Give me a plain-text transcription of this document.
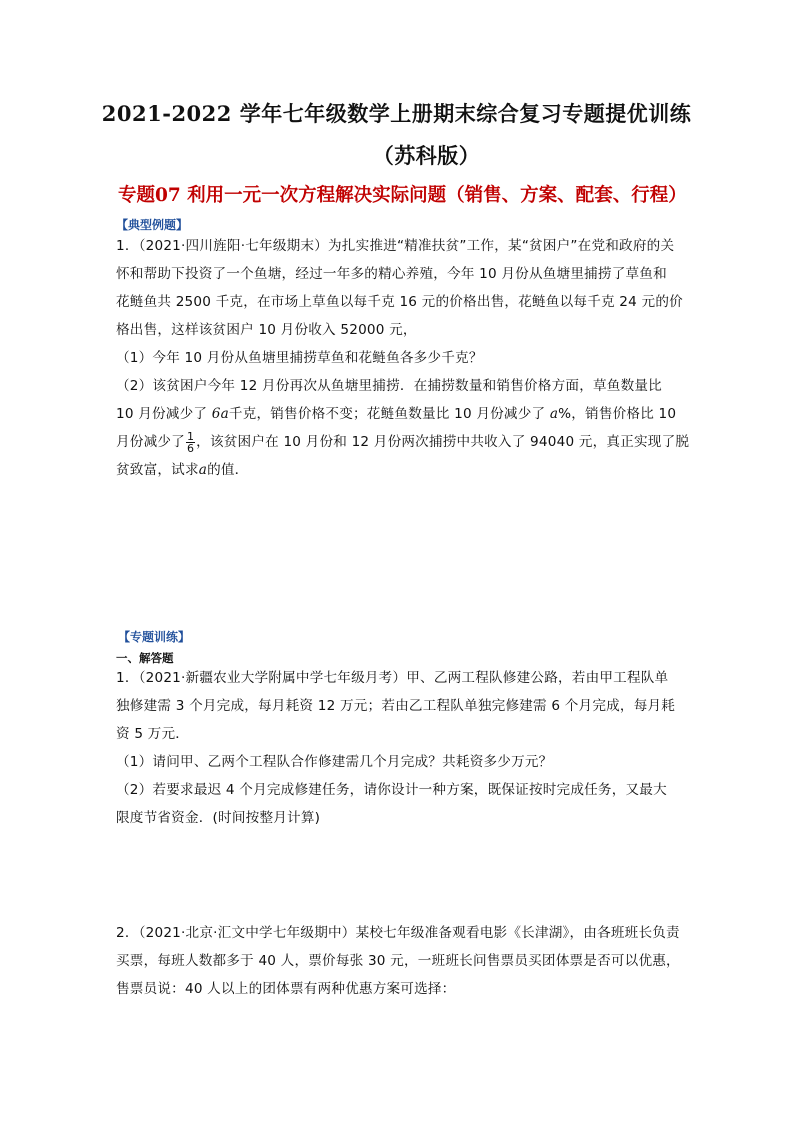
2021-2022 学年七年级数学上册期末综合复习专题提优训练
（苏科版）
专题07 利用一元一次方程解决实际问题（销售、方案、配套、行程）
【典型例题】
1．（2021·四川旌阳·七年级期末）为扎实推进“精准扶贫”工作，某“贫困户”在党和政府的关
怀和帮助下投资了一个鱼塘，经过一年多的精心养殖，今年 10 月份从鱼塘里捕捞了草鱼和
花鲢鱼共 2500 千克，在市场上草鱼以每千克 16 元的价格出售，花鲢鱼以每千克 24 元的价
格出售，这样该贫困户 10 月份收入 52000 元，
（1）今年 10 月份从鱼塘里捕捞草鱼和花鲢鱼各多少千克？
（2）该贫困户今年 12 月份再次从鱼塘里捕捞．在捕捞数量和销售价格方面，草鱼数量比
10 月份减少了 6a千克，销售价格不变；花鲢鱼数量比 10 月份减少了 a%，销售价格比 10
月份减少了 $\frac{1}{6}$ ，该贫困户在 10 月份和 12 月份两次捕捞中共收入了 94040 元，真正实现了脱
贫致富，试求a的值．
【专题训练】
一、解答题
1．（2021·新疆农业大学附属中学七年级月考）甲、乙两工程队修建公路，若由甲工程队单
独修建需 3 个月完成，每月耗资 12 万元；若由乙工程队单独完修建需 6 个月完成，每月耗
资 5 万元．
（1）请问甲、乙两个工程队合作修建需几个月完成？共耗资多少万元？
（2）若要求最迟 4 个月完成修建任务，请你设计一种方案，既保证按时完成任务，又最大
限度节省资金．(时间按整月计算)
2．（2021·北京·汇文中学七年级期中）某校七年级准备观看电影《长津湖》，由各班班长负责
买票，每班人数都多于 40 人，票价每张 30 元，一班班长问售票员买团体票是否可以优惠，
售票员说：40 人以上的团体票有两种优惠方案可选择：
